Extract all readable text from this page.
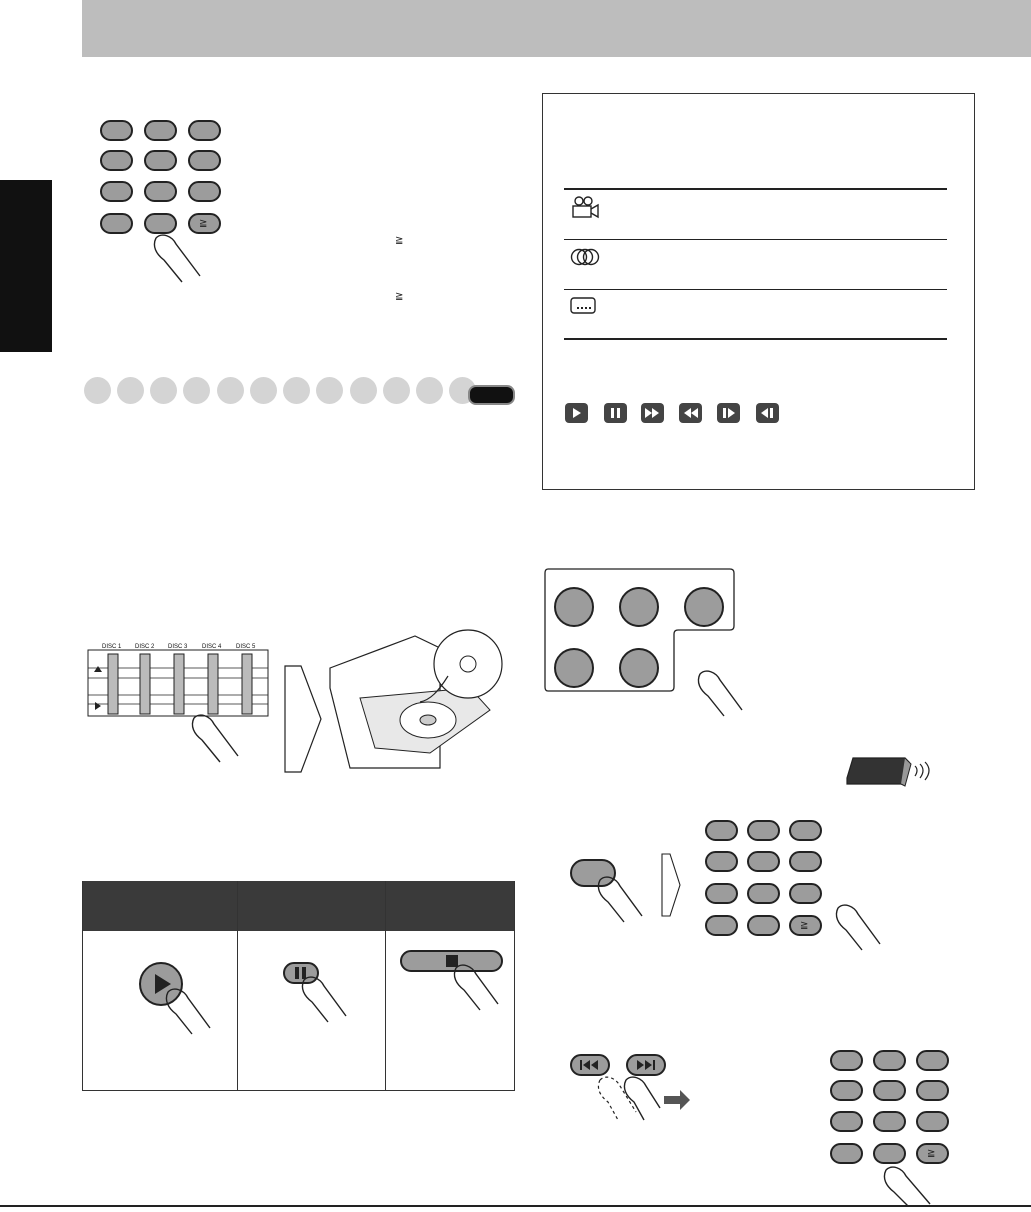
≧
≧
≧
DISC 1 DISC 2 DISC 3 DISC 4 DISC 5
≧
≧
